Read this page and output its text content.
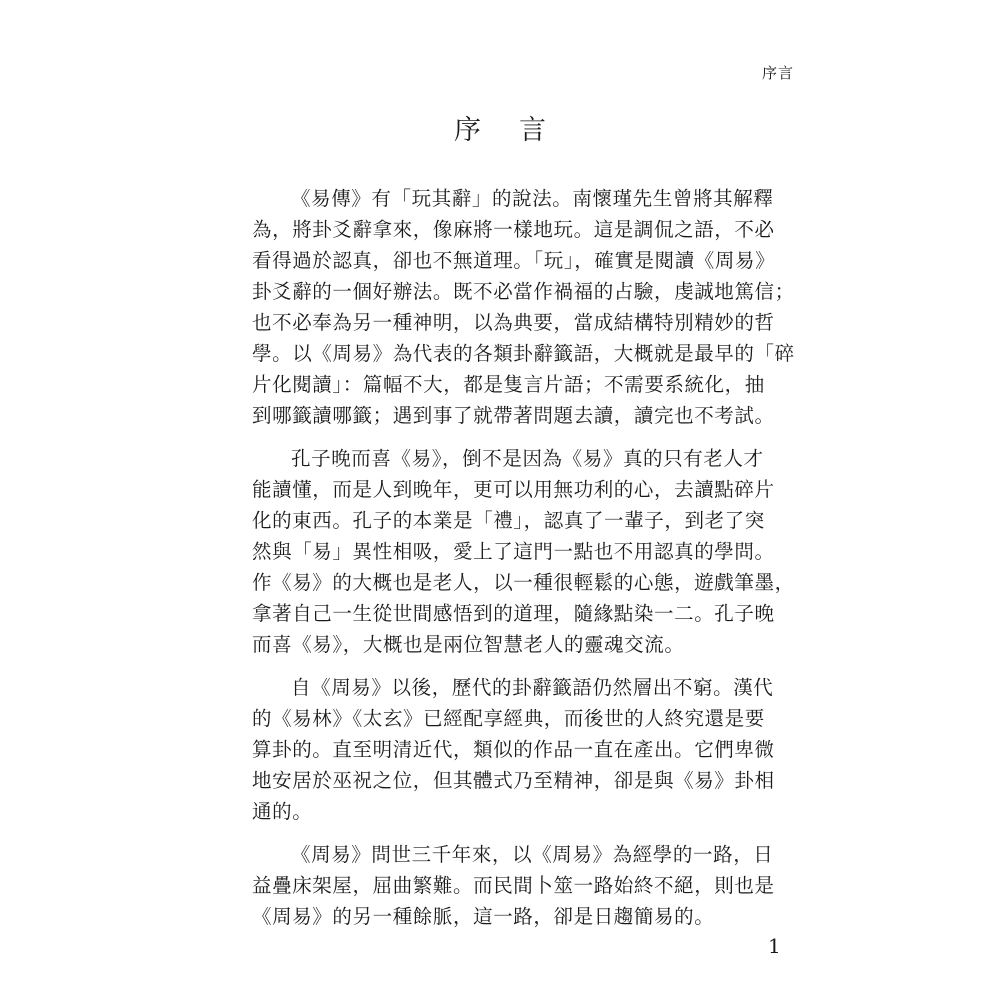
序言
序 言

《易傳》有「玩其辭」的說法。南懷瑾先生曾將其解釋
為，將卦爻辭拿來，像麻將一樣地玩。這是調侃之語，不必
看得過於認真，卻也不無道理。「玩」，確實是閱讀《周易》
卦爻辭的一個好辦法。既不必當作禍福的占驗，虔誠地篤信；
也不必奉為另一種神明，以為典要，當成結構特別精妙的哲
學。以《周易》為代表的各類卦辭籤語，大概就是最早的「碎
片化閱讀」：篇幅不大，都是隻言片語；不需要系統化，抽
到哪籤讀哪籤；遇到事了就帶著問題去讀，讀完也不考試。

孔子晚而喜《易》，倒不是因為《易》真的只有老人才
能讀懂，而是人到晚年，更可以用無功利的心，去讀點碎片
化的東西。孔子的本業是「禮」，認真了一輩子，到老了突
然與「易」異性相吸，愛上了這門一點也不用認真的學問。
作《易》的大概也是老人，以一種很輕鬆的心態，遊戲筆墨，
拿著自己一生從世間感悟到的道理，隨緣點染一二。孔子晚
而喜《易》，大概也是兩位智慧老人的靈魂交流。

自《周易》以後，歷代的卦辭籤語仍然層出不窮。漢代
的《易林》《太玄》已經配享經典，而後世的人終究還是要
算卦的。直至明清近代，類似的作品一直在產出。它們卑微
地安居於巫祝之位，但其體式乃至精神，卻是與《易》卦相
通的。

《周易》問世三千年來，以《周易》為經學的一路，日
益疊床架屋，屈曲繁難。而民間卜筮一路始終不絕，則也是
《周易》的另一種餘脈，這一路，卻是日趨簡易的。

1
